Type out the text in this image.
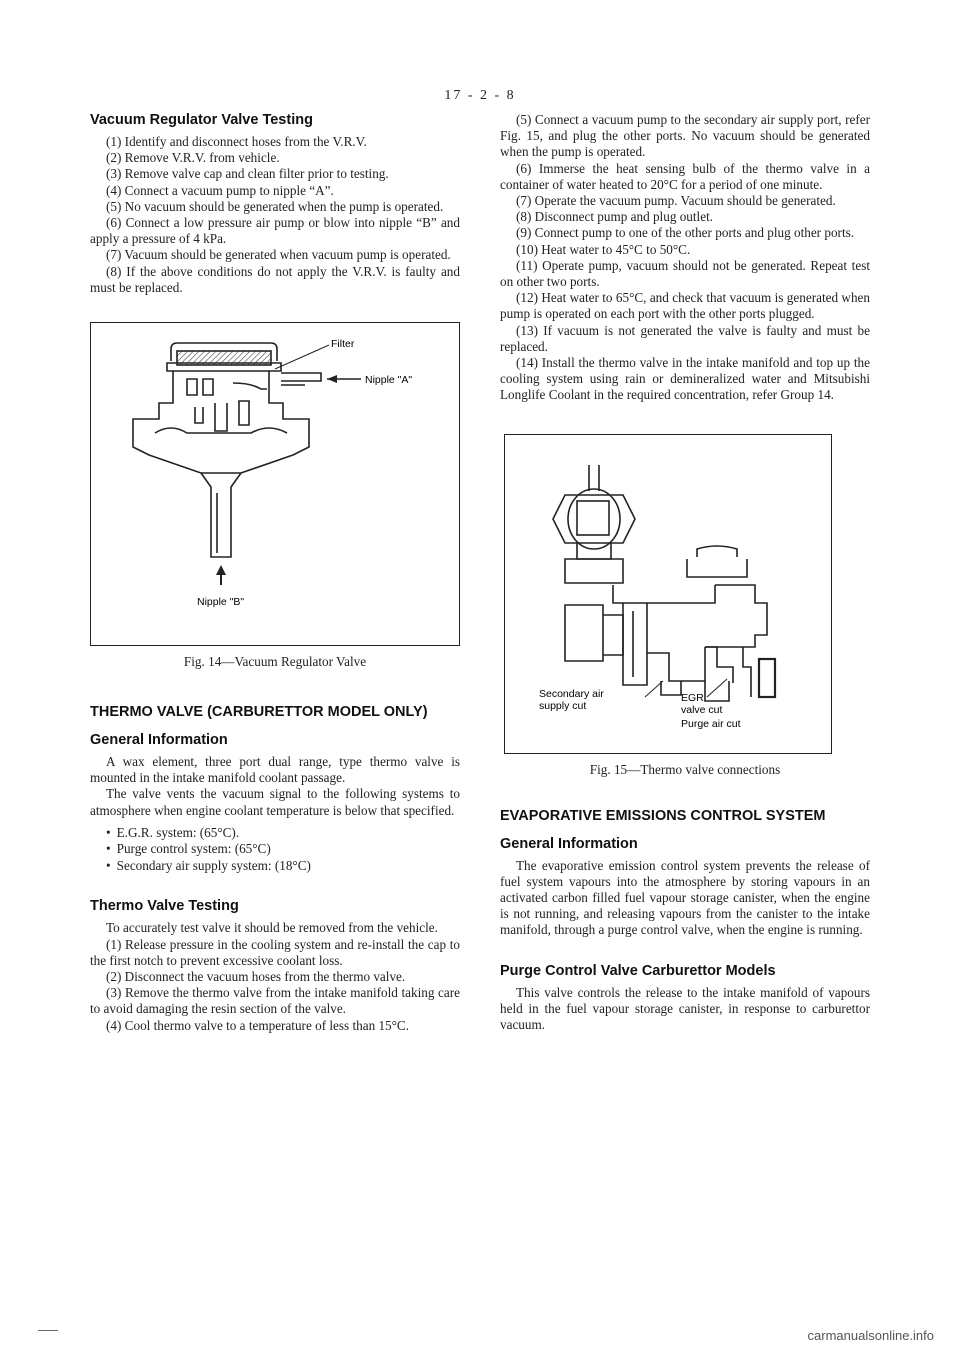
17 - 2 - 8
Vacuum Regulator Valve Testing

(1) Identify and disconnect hoses from the V.R.V.

(2) Remove V.R.V. from vehicle.

(3) Remove valve cap and clean filter prior to testing.

(4) Connect a vacuum pump to nipple “A”.

(5) No vacuum should be generated when the pump is operated.

(6) Connect a low pressure air pump or blow into nipple “B” and apply a pressure of 4 kPa.

(7) Vacuum should be generated when vacuum pump is operated.

(8) If the above conditions do not apply the V.R.V. is faulty and must be replaced.

Filter
Nipple "A"
Nipple "B"
Fig. 14—Vacuum Regulator Valve
THERMO VALVE (CARBURETTOR MODEL ONLY)
General Information

A wax element, three port dual range, type thermo valve is mounted in the intake manifold coolant passage.

The valve vents the vacuum signal to the following systems to atmosphere when engine coolant temperature is below that specified.

• E.G.R. system: (65°C).
• Purge control system: (65°C)
• Secondary air supply system: (18°C)
Thermo Valve Testing

To accurately test valve it should be removed from the vehicle.

(1) Release pressure in the cooling system and re-install the cap to the first notch to prevent excessive coolant loss.

(2) Disconnect the vacuum hoses from the thermo valve.

(3) Remove the thermo valve from the intake manifold taking care to avoid damaging the resin section of the valve.

(4) Cool thermo valve to a temperature of less than 15°C.

(5) Connect a vacuum pump to the secondary air supply port, refer Fig. 15, and plug the other ports. No vacuum should be generated when the pump is operated.

(6) Immerse the heat sensing bulb of the thermo valve in a container of water heated to 20°C for a period of one minute.

(7) Operate the vacuum pump. Vacuum should be generated.

(8) Disconnect pump and plug outlet.

(9) Connect pump to one of the other ports and plug other ports.

(10) Heat water to 45°C to 50°C.

(11) Operate pump, vacuum should not be generated. Repeat test on other two ports.

(12) Heat water to 65°C, and check that vacuum is generated when pump is operated on each port with the other ports plugged.

(13) If vacuum is not generated the valve is faulty and must be replaced.

(14) Install the thermo valve in the intake manifold and top up the cooling system using rain or demineralized water and Mitsubishi Longlife Coolant in the required concentration, refer Group 14.

Secondary air
supply cut
EGR
valve cut
Purge air cut
Fig. 15—Thermo valve connections
EVAPORATIVE EMISSIONS CONTROL SYSTEM
General Information

The evaporative emission control system prevents the release of fuel system vapours into the atmosphere by storing vapours in an activated carbon filled fuel vapour storage canister, when the engine is not running, and releasing vapours from the canister to the intake manifold, through a purge control valve, when the engine is running.

Purge Control Valve Carburettor Models

This valve controls the release to the intake manifold of vapours held in the fuel vapour storage canister, in response to carburettor vacuum.

carmanualsonline.info
